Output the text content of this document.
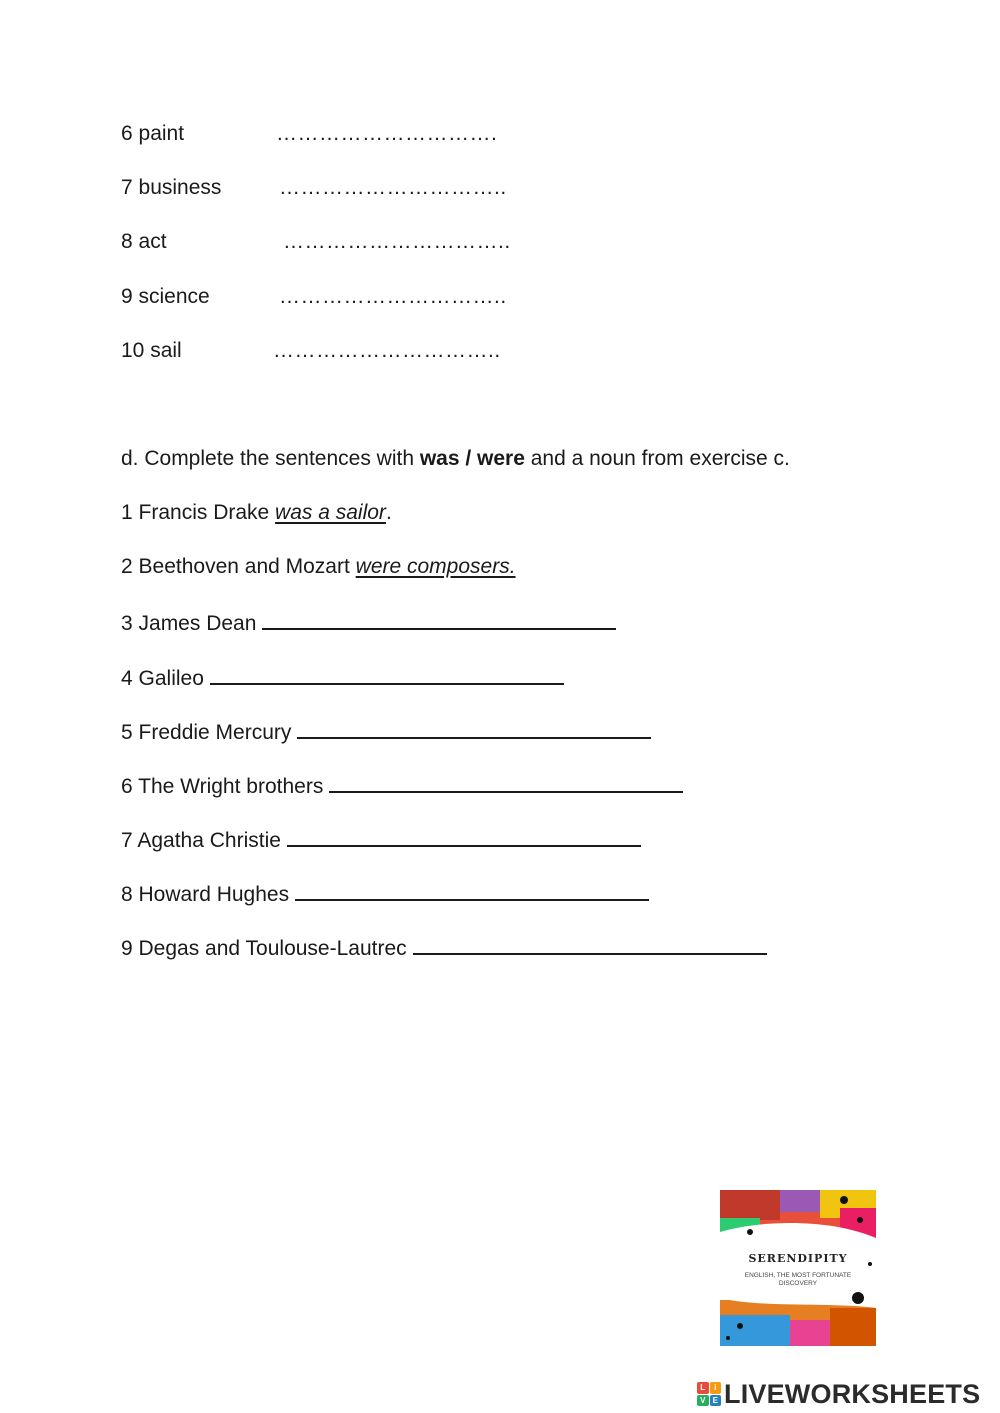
6 paint	………………………….
7 business	…………………………..
8 act	…………………………..
9 science	…………………………..
10 sail	…………………………..
d. Complete the sentences with was / were and a noun from exercise c.
1 Francis Drake was a sailor.
2 Beethoven and Mozart were composers.
3 James Dean
4 Galileo
5 Freddie Mercury
6 The Wright brothers
7 Agatha Christie
8 Howard Hughes
9 Degas and Toulouse-Lautrec
SERENDIPITY
ENGLISH, THE MOST FORTUNATE DISCOVERY
L	i
V E LIVEWORKSHEETS
